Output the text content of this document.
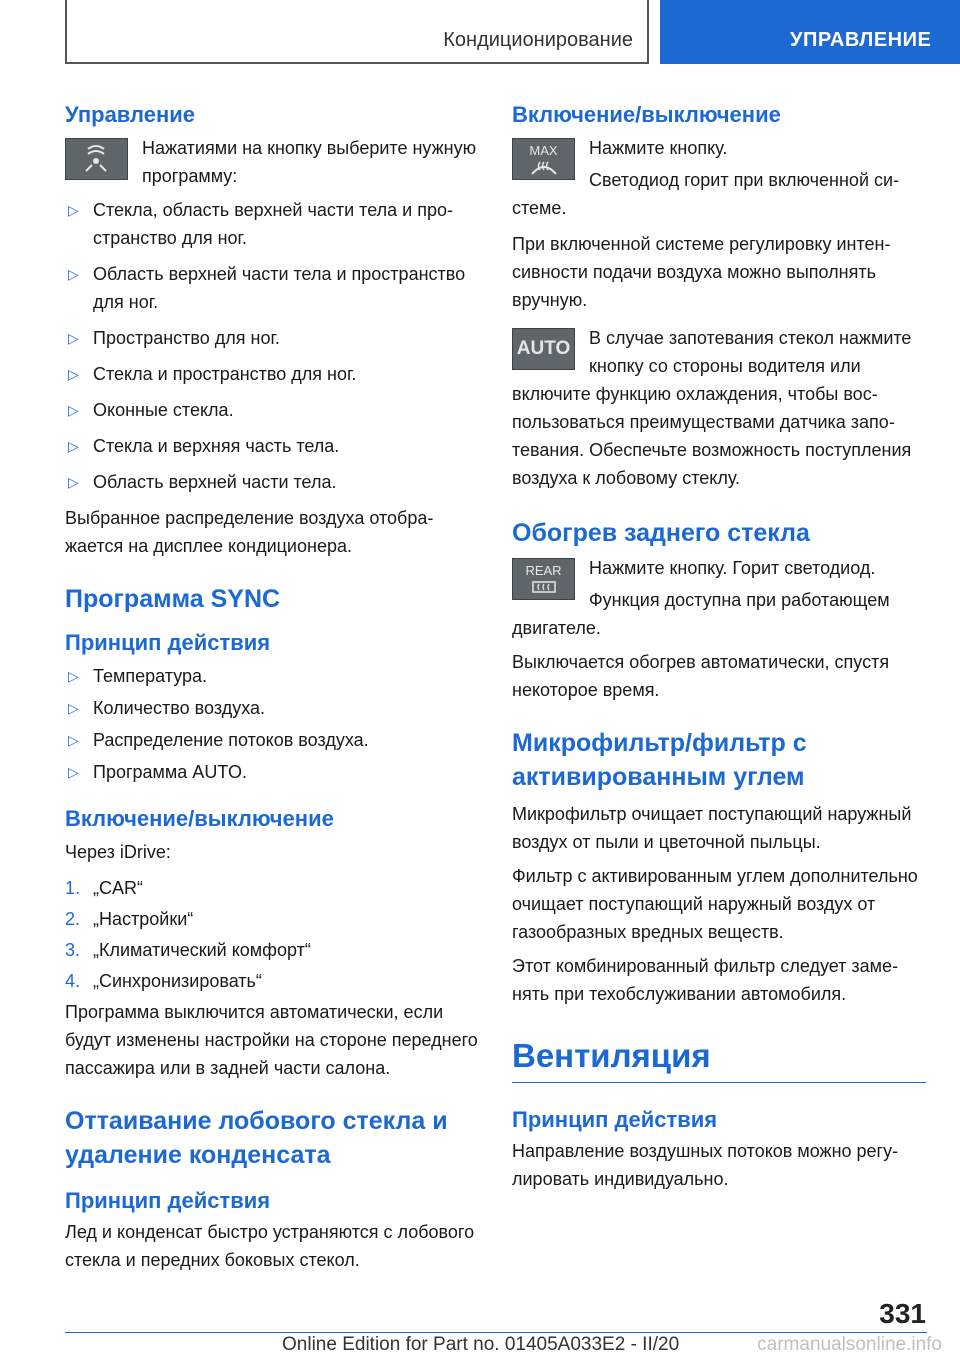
Кондиционирование	УПРАВЛЕНИЕ
Управление

Нажатиями на кнопку выберите нужную программу:

▷ Стекла, область верхней части тела и пространство для ног.
▷ Область верхней части тела и пространство для ног.
▷ Пространство для ног.
▷ Стекла и пространство для ног.
▷ Оконные стекла.
▷ Стекла и верхняя часть тела.
▷ Область верхней части тела.

Выбранное распределение воздуха отображается на дисплее кондиционера.

Программа SYNC
Принцип действия
▷ Температура.
▷ Количество воздуха.
▷ Распределение потоков воздуха.
▷ Программа AUTO.
Включение/выключение

Через iDrive:

1. „CAR“
2. „Настройки“
3. „Климатический комфорт“
4. „Синхронизировать“

Программа выключится автоматически, если будут изменены настройки на стороне переднего пассажира или в задней части салона.

Оттаивание лобового стекла и удаление конденсата
Принцип действия

Лед и конденсат быстро устраняются с лобового стекла и передних боковых стекол.

Включение/выключение
MAX	Нажмите кнопку.

Светодиод горит при включенной системе.

При включенной системе регулировку интенсивности подачи воздуха можно выполнять вручную.

AUTO	В случае запотевания стекол нажмите кнопку со стороны водителя или включите функцию охлаждения, чтобы воспользоваться преимуществами датчика запотевания. Обеспечьте возможность поступления воздуха к лобовому стеклу.

Обогрев заднего стекла
REAR	Нажмите кнопку. Горит светодиод.

Функция доступна при работающем двигателе.

Выключается обогрев автоматически, спустя некоторое время.

Микрофильтр/фильтр с активированным углем

Микрофильтр очищает поступающий наружный воздух от пыли и цветочной пыльцы.

Фильтр с активированным углем дополнительно очищает поступающий наружный воздух от газообразных вредных веществ.

Этот комбинированный фильтр следует заменять при техобслуживании автомобиля.

Вентиляция
Принцип действия

Направление воздушных потоков можно регулировать индивидуально.

331
Online Edition for Part no. 01405A033E2 - II/20	carmanualsonline.info
